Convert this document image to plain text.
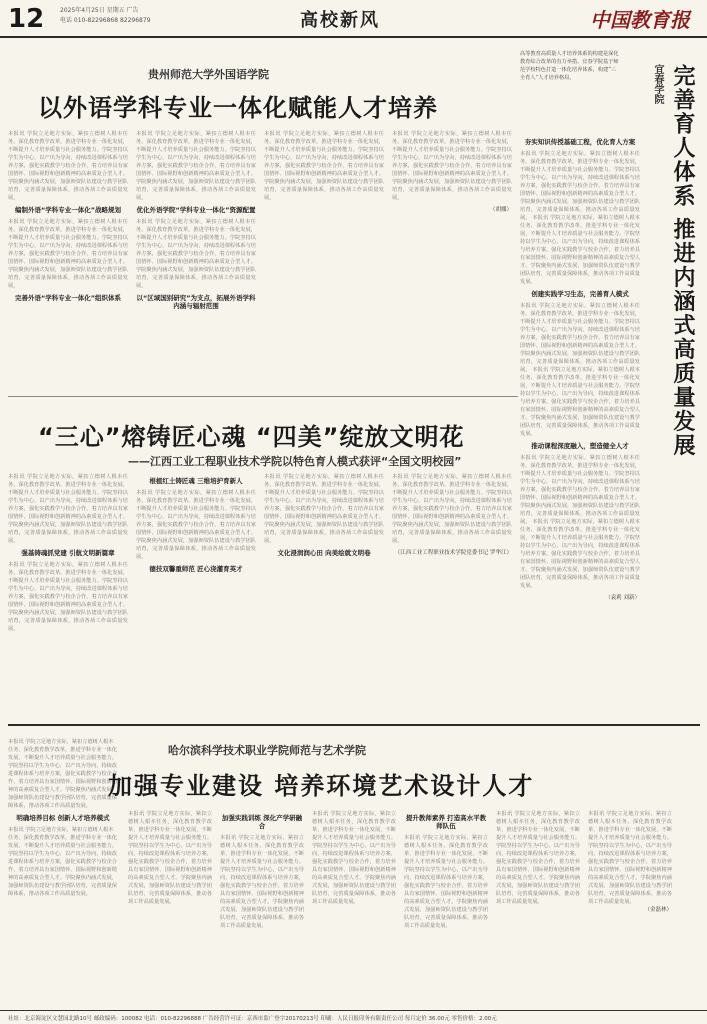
12	2025年4月25日 星期五 广告
电话 010-82296868 82296879	高校新风	中国教育报
贵州师范大学外国语学院
以外语学科专业一体化赋能人才培养
本报讯 学院立足地方实际，紧扣立德树人根本任务，深化教育教学改革，推进学科专业一体化发展，不断提升人才培养质量与社会服务能力。学院坚持以学生为中心，以产出为导向，持续改进课程体系与培养方案，强化实践教学与校企合作，着力培养具有家国情怀、国际视野和创新精神的高素质复合型人才。学院聚焦内涵式发展，加强师资队伍建设与教学团队培育，完善质量保障体系，推动各项工作高质量发展。
编制外语“学科专业一体化”战略规划
本报讯 学院立足地方实际，紧扣立德树人根本任务，深化教育教学改革，推进学科专业一体化发展，不断提升人才培养质量与社会服务能力。学院坚持以学生为中心，以产出为导向，持续改进课程体系与培养方案，强化实践教学与校企合作，着力培养具有家国情怀、国际视野和创新精神的高素质复合型人才。学院聚焦内涵式发展，加强师资队伍建设与教学团队培育，完善质量保障体系，推动各项工作高质量发展。
完善外语“学科专业一体化”组织体系
本报讯 学院立足地方实际，紧扣立德树人根本任务，深化教育教学改革，推进学科专业一体化发展，不断提升人才培养质量与社会服务能力。学院坚持以学生为中心，以产出为导向，持续改进课程体系与培养方案，强化实践教学与校企合作，着力培养具有家国情怀、国际视野和创新精神的高素质复合型人才。学院聚焦内涵式发展，加强师资队伍建设与教学团队培育，完善质量保障体系，推动各项工作高质量发展。
优化外语学院“学科专业一体化”资源配置
本报讯 学院立足地方实际，紧扣立德树人根本任务，深化教育教学改革，推进学科专业一体化发展，不断提升人才培养质量与社会服务能力。学院坚持以学生为中心，以产出为导向，持续改进课程体系与培养方案，强化实践教学与校企合作，着力培养具有家国情怀、国际视野和创新精神的高素质复合型人才。学院聚焦内涵式发展，加强师资队伍建设与教学团队培育，完善质量保障体系，推动各项工作高质量发展。
以“区域国别研究”为支点，拓展外语学科内涵与辐射范围
本报讯 学院立足地方实际，紧扣立德树人根本任务，深化教育教学改革，推进学科专业一体化发展，不断提升人才培养质量与社会服务能力。学院坚持以学生为中心，以产出为导向，持续改进课程体系与培养方案，强化实践教学与校企合作，着力培养具有家国情怀、国际视野和创新精神的高素质复合型人才。学院聚焦内涵式发展，加强师资队伍建设与教学团队培育，完善质量保障体系，推动各项工作高质量发展。
本报讯 学院立足地方实际，紧扣立德树人根本任务，深化教育教学改革，推进学科专业一体化发展，不断提升人才培养质量与社会服务能力。学院坚持以学生为中心，以产出为导向，持续改进课程体系与培养方案，强化实践教学与校企合作，着力培养具有家国情怀、国际视野和创新精神的高素质复合型人才。学院聚焦内涵式发展，加强师资队伍建设与教学团队培育，完善质量保障体系，推动各项工作高质量发展。
（胡娜）
高等教育高质量人才培养体系的构建是深化教育综合改革的有力举措。宜春学院基于师范学校特色打造一体化培养体系，构建“三全育人”人才培养格局。	宜春学院 完善育人体系 推进内涵式高质量发展
夯实知识传授基础工程，优化育人方案
本报讯 学院立足地方实际，紧扣立德树人根本任务，深化教育教学改革，推进学科专业一体化发展，不断提升人才培养质量与社会服务能力。学院坚持以学生为中心，以产出为导向，持续改进课程体系与培养方案，强化实践教学与校企合作，着力培养具有家国情怀、国际视野和创新精神的高素质复合型人才。学院聚焦内涵式发展，加强师资队伍建设与教学团队培育，完善质量保障体系，推动各项工作高质量发展。 本报讯 学院立足地方实际，紧扣立德树人根本任务，深化教育教学改革，推进学科专业一体化发展，不断提升人才培养质量与社会服务能力。学院坚持以学生为中心，以产出为导向，持续改进课程体系与培养方案，强化实践教学与校企合作，着力培养具有家国情怀、国际视野和创新精神的高素质复合型人才。学院聚焦内涵式发展，加强师资队伍建设与教学团队培育，完善质量保障体系，推动各项工作高质量发展。
创建实践学习生态，完善育人模式
本报讯 学院立足地方实际，紧扣立德树人根本任务，深化教育教学改革，推进学科专业一体化发展，不断提升人才培养质量与社会服务能力。学院坚持以学生为中心，以产出为导向，持续改进课程体系与培养方案，强化实践教学与校企合作，着力培养具有家国情怀、国际视野和创新精神的高素质复合型人才。学院聚焦内涵式发展，加强师资队伍建设与教学团队培育，完善质量保障体系，推动各项工作高质量发展。 本报讯 学院立足地方实际，紧扣立德树人根本任务，深化教育教学改革，推进学科专业一体化发展，不断提升人才培养质量与社会服务能力。学院坚持以学生为中心，以产出为导向，持续改进课程体系与培养方案，强化实践教学与校企合作，着力培养具有家国情怀、国际视野和创新精神的高素质复合型人才。学院聚焦内涵式发展，加强师资队伍建设与教学团队培育，完善质量保障体系，推动各项工作高质量发展。
推动课程深度融入，塑造健全人才
本报讯 学院立足地方实际，紧扣立德树人根本任务，深化教育教学改革，推进学科专业一体化发展，不断提升人才培养质量与社会服务能力。学院坚持以学生为中心，以产出为导向，持续改进课程体系与培养方案，强化实践教学与校企合作，着力培养具有家国情怀、国际视野和创新精神的高素质复合型人才。学院聚焦内涵式发展，加强师资队伍建设与教学团队培育，完善质量保障体系，推动各项工作高质量发展。 本报讯 学院立足地方实际，紧扣立德树人根本任务，深化教育教学改革，推进学科专业一体化发展，不断提升人才培养质量与社会服务能力。学院坚持以学生为中心，以产出为导向，持续改进课程体系与培养方案，强化实践教学与校企合作，着力培养具有家国情怀、国际视野和创新精神的高素质复合型人才。学院聚焦内涵式发展，加强师资队伍建设与教学团队培育，完善质量保障体系，推动各项工作高质量发展。
（袁莉 刘新）
“三心”熔铸匠心魂 “四美”绽放文明花
——江西工业工程职业技术学院以特色育人模式获评“全国文明校园”
本报讯 学院立足地方实际，紧扣立德树人根本任务，深化教育教学改革，推进学科专业一体化发展，不断提升人才培养质量与社会服务能力。学院坚持以学生为中心，以产出为导向，持续改进课程体系与培养方案，强化实践教学与校企合作，着力培养具有家国情怀、国际视野和创新精神的高素质复合型人才。学院聚焦内涵式发展，加强师资队伍建设与教学团队培育，完善质量保障体系，推动各项工作高质量发展。
强基铸魂抓党建 引航文明新篇章
本报讯 学院立足地方实际，紧扣立德树人根本任务，深化教育教学改革，推进学科专业一体化发展，不断提升人才培养质量与社会服务能力。学院坚持以学生为中心，以产出为导向，持续改进课程体系与培养方案，强化实践教学与校企合作，着力培养具有家国情怀、国际视野和创新精神的高素质复合型人才。学院聚焦内涵式发展，加强师资队伍建设与教学团队培育，完善质量保障体系，推动各项工作高质量发展。
根植红土铸匠魂 三维培护育新人
本报讯 学院立足地方实际，紧扣立德树人根本任务，深化教育教学改革，推进学科专业一体化发展，不断提升人才培养质量与社会服务能力。学院坚持以学生为中心，以产出为导向，持续改进课程体系与培养方案，强化实践教学与校企合作，着力培养具有家国情怀、国际视野和创新精神的高素质复合型人才。学院聚焦内涵式发展，加强师资队伍建设与教学团队培育，完善质量保障体系，推动各项工作高质量发展。
德技双馨重师范 匠心浇灌育英才
本报讯 学院立足地方实际，紧扣立德树人根本任务，深化教育教学改革，推进学科专业一体化发展，不断提升人才培养质量与社会服务能力。学院坚持以学生为中心，以产出为导向，持续改进课程体系与培养方案，强化实践教学与校企合作，着力培养具有家国情怀、国际视野和创新精神的高素质复合型人才。学院聚焦内涵式发展，加强师资队伍建设与教学团队培育，完善质量保障体系，推动各项工作高质量发展。
文化浸润润心田 向美绘就文明卷
本报讯 学院立足地方实际，紧扣立德树人根本任务，深化教育教学改革，推进学科专业一体化发展，不断提升人才培养质量与社会服务能力。学院坚持以学生为中心，以产出为导向，持续改进课程体系与培养方案，强化实践教学与校企合作，着力培养具有家国情怀、国际视野和创新精神的高素质复合型人才。学院聚焦内涵式发展，加强师资队伍建设与教学团队培育，完善质量保障体系，推动各项工作高质量发展。
（江西工业工程职业技术学院党委书记 罗华江）
本报讯 学院立足地方实际，紧扣立德树人根本任务，深化教育教学改革，推进学科专业一体化发展，不断提升人才培养质量与社会服务能力。学院坚持以学生为中心，以产出为导向，持续改进课程体系与培养方案，强化实践教学与校企合作，着力培养具有家国情怀、国际视野和创新精神的高素质复合型人才。学院聚焦内涵式发展，加强师资队伍建设与教学团队培育，完善质量保障体系，推动各项工作高质量发展。
明确培养目标 创新人才培养模式
本报讯 学院立足地方实际，紧扣立德树人根本任务，深化教育教学改革，推进学科专业一体化发展，不断提升人才培养质量与社会服务能力。学院坚持以学生为中心，以产出为导向，持续改进课程体系与培养方案，强化实践教学与校企合作，着力培养具有家国情怀、国际视野和创新精神的高素质复合型人才。学院聚焦内涵式发展，加强师资队伍建设与教学团队培育，完善质量保障体系，推动各项工作高质量发展。
哈尔滨科学技术职业学院师范与艺术学院
加强专业建设 培养环境艺术设计人才
本报讯 学院立足地方实际，紧扣立德树人根本任务，深化教育教学改革，推进学科专业一体化发展，不断提升人才培养质量与社会服务能力。学院坚持以学生为中心，以产出为导向，持续改进课程体系与培养方案，强化实践教学与校企合作，着力培养具有家国情怀、国际视野和创新精神的高素质复合型人才。学院聚焦内涵式发展，加强师资队伍建设与教学团队培育，完善质量保障体系，推动各项工作高质量发展。
加强实践训练 深化产学研融合
本报讯 学院立足地方实际，紧扣立德树人根本任务，深化教育教学改革，推进学科专业一体化发展，不断提升人才培养质量与社会服务能力。学院坚持以学生为中心，以产出为导向，持续改进课程体系与培养方案，强化实践教学与校企合作，着力培养具有家国情怀、国际视野和创新精神的高素质复合型人才。学院聚焦内涵式发展，加强师资队伍建设与教学团队培育，完善质量保障体系，推动各项工作高质量发展。
本报讯 学院立足地方实际，紧扣立德树人根本任务，深化教育教学改革，推进学科专业一体化发展，不断提升人才培养质量与社会服务能力。学院坚持以学生为中心，以产出为导向，持续改进课程体系与培养方案，强化实践教学与校企合作，着力培养具有家国情怀、国际视野和创新精神的高素质复合型人才。学院聚焦内涵式发展，加强师资队伍建设与教学团队培育，完善质量保障体系，推动各项工作高质量发展。
提升教师素养 打造高水平教师队伍
本报讯 学院立足地方实际，紧扣立德树人根本任务，深化教育教学改革，推进学科专业一体化发展，不断提升人才培养质量与社会服务能力。学院坚持以学生为中心，以产出为导向，持续改进课程体系与培养方案，强化实践教学与校企合作，着力培养具有家国情怀、国际视野和创新精神的高素质复合型人才。学院聚焦内涵式发展，加强师资队伍建设与教学团队培育，完善质量保障体系，推动各项工作高质量发展。
本报讯 学院立足地方实际，紧扣立德树人根本任务，深化教育教学改革，推进学科专业一体化发展，不断提升人才培养质量与社会服务能力。学院坚持以学生为中心，以产出为导向，持续改进课程体系与培养方案，强化实践教学与校企合作，着力培养具有家国情怀、国际视野和创新精神的高素质复合型人才。学院聚焦内涵式发展，加强师资队伍建设与教学团队培育，完善质量保障体系，推动各项工作高质量发展。
本报讯 学院立足地方实际，紧扣立德树人根本任务，深化教育教学改革，推进学科专业一体化发展，不断提升人才培养质量与社会服务能力。学院坚持以学生为中心，以产出为导向，持续改进课程体系与培养方案，强化实践教学与校企合作，着力培养具有家国情怀、国际视野和创新精神的高素质复合型人才。学院聚焦内涵式发展，加强师资队伍建设与教学团队培育，完善质量保障体系，推动各项工作高质量发展。
（金磊林）
社址：北京海淀区文慧园北路10号 邮政编码：100082 电话：010-82296888 广告经营许可证：京西市监广登字20170213号 印刷：人民日报印务有限责任公司 每月定价 36.00元 零售价格：2.00元
